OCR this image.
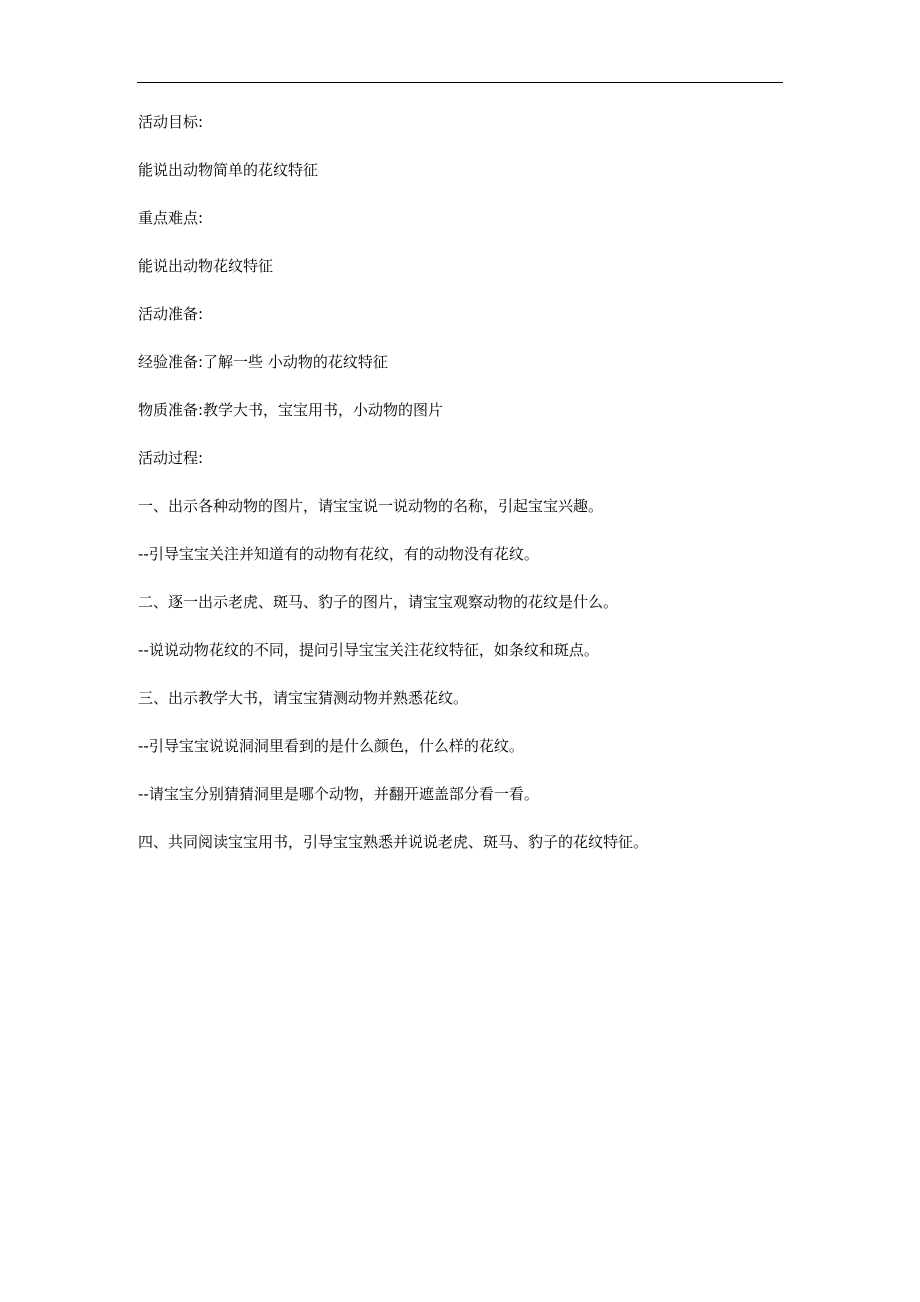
活动目标:

能说出动物简单的花纹特征

重点难点:

能说出动物花纹特征

活动准备:

经验准备:了解一些 小动物的花纹特征

物质准备:教学大书，宝宝用书，小动物的图片

活动过程:

一、出示各种动物的图片，请宝宝说一说动物的名称，引起宝宝兴趣。

--引导宝宝关注并知道有的动物有花纹，有的动物没有花纹。

二、逐一出示老虎、斑马、豹子的图片，请宝宝观察动物的花纹是什么。

--说说动物花纹的不同，提问引导宝宝关注花纹特征，如条纹和斑点。

三、出示教学大书，请宝宝猜测动物并熟悉花纹。

--引导宝宝说说洞洞里看到的是什么颜色，什么样的花纹。

--请宝宝分别猜猜洞里是哪个动物，并翻开遮盖部分看一看。

四、共同阅读宝宝用书，引导宝宝熟悉并说说老虎、斑马、豹子的花纹特征。
